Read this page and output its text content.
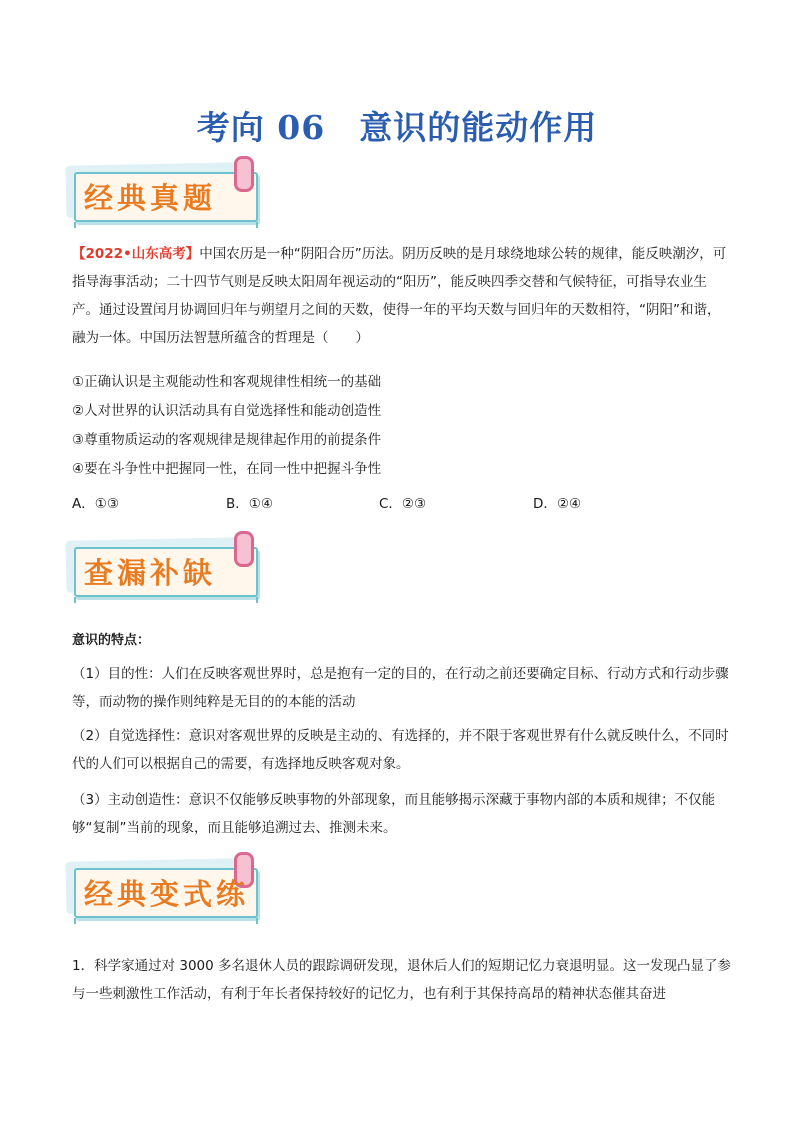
考向 06　意识的能动作用
经典真题
【2022•山东高考】中国农历是一种“阴阳合历”历法。阴历反映的是月球绕地球公转的规律，能反映潮汐，可指导海事活动；二十四节气则是反映太阳周年视运动的“阳历”，能反映四季交替和气候特征，可指导农业生产。通过设置闰月协调回归年与朔望月之间的天数，使得一年的平均天数与回归年的天数相符，“阴阳”和谐，融为一体。中国历法智慧所蕴含的哲理是（　　）
①正确认识是主观能动性和客观规律性相统一的基础
②人对世界的认识活动具有自觉选择性和能动创造性
③尊重物质运动的客观规律是规律起作用的前提条件
④要在斗争性中把握同一性，在同一性中把握斗争性
A．①③	B．①④	C．②③	D．②④
查漏补缺
意识的特点：
（1）目的性：人们在反映客观世界时，总是抱有一定的目的，在行动之前还要确定目标、行动方式和行动步骤等，而动物的操作则纯粹是无目的的本能的活动
（2）自觉选择性：意识对客观世界的反映是主动的、有选择的，并不限于客观世界有什么就反映什么，不同时代的人们可以根据自己的需要，有选择地反映客观对象。
（3）主动创造性：意识不仅能够反映事物的外部现象，而且能够揭示深藏于事物内部的本质和规律；不仅能够“复制”当前的现象，而且能够追溯过去、推测未来。
经典变式练
1．科学家通过对 3000 多名退休人员的跟踪调研发现，退休后人们的短期记忆力衰退明显。这一发现凸显了参与一些刺激性工作活动，有利于年长者保持较好的记忆力，也有利于其保持高昂的精神状态催其奋进
